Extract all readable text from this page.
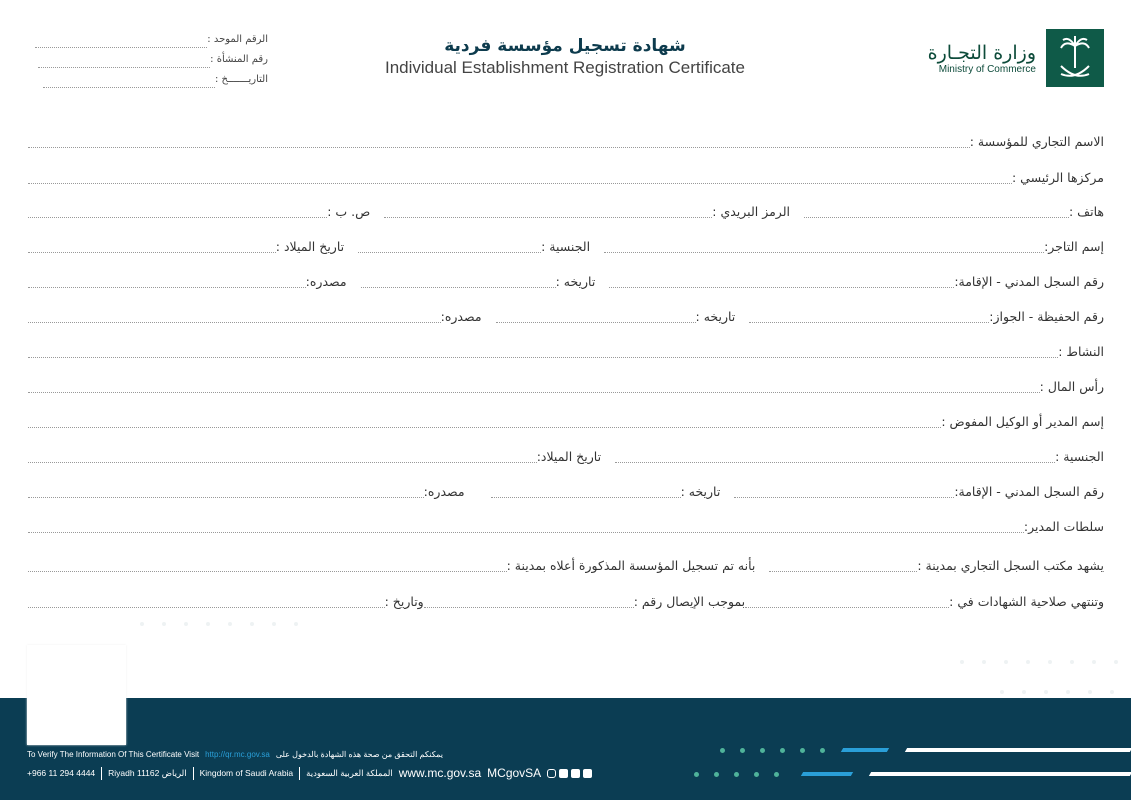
الرقم الموحد :
رقم المنشأة :
التاريـــــــخ :
شهادة تسجيل مؤسسة فردية
Individual Establishment Registration Certificate
وزارة التجـارة
Ministry of Commerce
الاسم التجاري للمؤسسة :
مركزها الرئيسي :
هاتف :
الرمز البريدي :
ص. ب :
إسم التاجر:
الجنسية :
تاريخ الميلاد :
رقم السجل المدني - الإقامة:
تاريخه :
مصدره:
رقم الحفيظة - الجواز:
تاريخه :
مصدره:
النشاط :
رأس المال :
إسم المدير أو الوكيل المفوض :
الجنسية :
تاريخ الميلاد:
رقم السجل المدني - الإقامة:
تاريخه :
مصدره:
سلطات المدير:
يشهد مكتب السجل التجاري بمدينة :
بأنه تم تسجيل المؤسسة المذكورة أعلاه بمدينة :
وتنتهي صلاحية الشهادات في :
بموجب الإيصال رقم :
وتاريخ :
To Verify The Information Of This Certificate Visit http://qr.mc.gov.sa يمكنكم التحقق من صحة هذه الشهادة بالدخول على
+966 11 294 4444 Riyadh 11162 الرياض Kingdom of Saudi Arabia المملكة العربية السعودية www.mc.gov.sa MCgovSA
